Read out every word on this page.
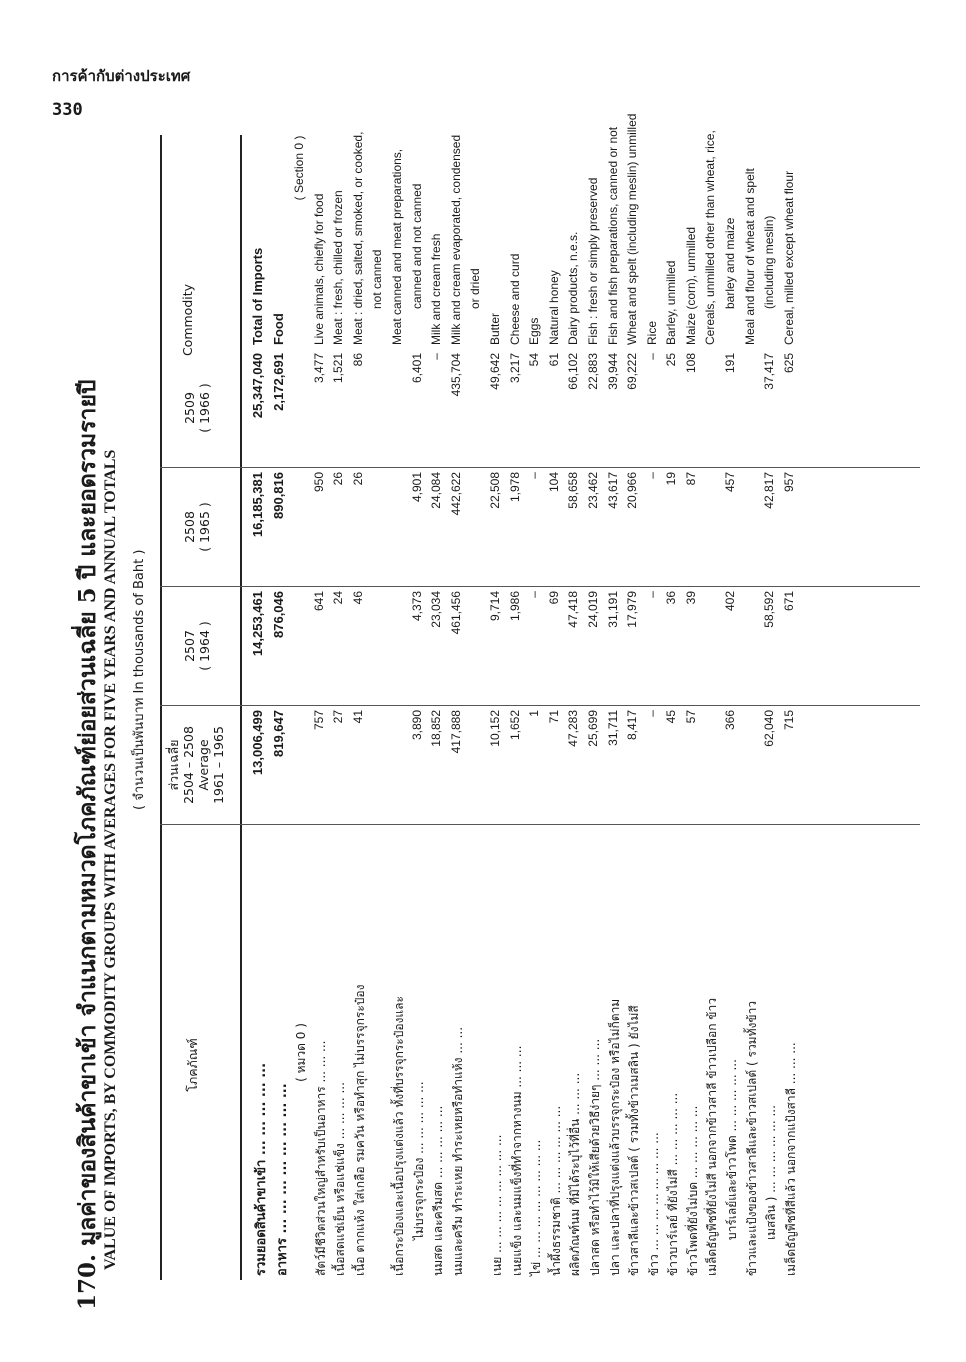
การค้ากับต่างประเทศ
330
170. มูลค่าของสินค้าขาเข้า จำแนกตามหมวดโภคภัณฑ์ย่อยส่วนเฉลี่ย 5 ปี และยอดรวมรายปี VALUE OF IMPORTS, BY COMMODITY GROUPS WITH AVERAGES FOR FIVE YEARS AND ANNUAL TOTALS	( จำนวนเป็นพันบาท In thousands of Baht )
โภคภัณฑ์
ส่วนเฉลี่ย 2504 – 2508 Average 1961 – 1965
2507 ( 1964 )
2508 ( 1965 )
2509 ( 1966 )
Commodity
รวมยอดสินค้าขาเข้า ... ... ... ... ...	13,006,499	14,253,461	16,185,381	25,347,040	Total of Imports
อาหาร ... ... ... ... ... ... ... ...	819,647	876,046	890,816	2,172,691	Food
( หมวด 0 )					( Section 0 )
สัตว์มีชีวิตส่วนใหญ่สำหรับเป็นอาหาร ... ... ...	757	641	950	3,477	Live animals, chiefly for food
เนื้อสดแช่เย็น หรือแช่แข็ง ... ... ... ...	27	24	26	1,521	Meat : fresh, chilled or frozen
เนื้อ ตากแห้ง ใส่เกลือ รมควัน หรือทำสุก ไม่บรรจุกระป๋อง	41	46	26	86	Meat : dried, salted, smoked, or cooked,
					not canned
เนื้อกระป๋องและเนื้อปรุงแต่งแล้ว ทั้งที่บรรจุกระป๋องและ					Meat canned and meat preparations,
ไม่บรรจุกระป๋อง ... ... ... ... ...	3,890	4,373	4,901	6,401	canned and not canned
นมสด และครีมสด ... ... ... ... ...	18,852	23,034	24,084	–	Milk and cream fresh
นมและครีม ทำระเหย ทำระเหยหรือทำแห้ง ... ...	417,888	461,456	442,622	435,704	Milk and cream evaporated, condensed
					or dried
เนย ... ... ... ... ... ... ... ...	10,152	9,714	22,508	49,642	Butter
เนยแข็ง และนมแข็งที่ทำจากหางนม ... ... ...	1,652	1,986	1,978	3,217	Cheese and curd
ไข่ ... ... ... ... ... ... ... ...	1	–	–	54	Eggs
น้ำผึ้งธรรมชาติ ... ... ... ... ... ...	71	69	104	61	Natural honey
ผลิตภัณฑ์นม ที่มิได้ระบุไว้ที่อื่น ... ... ...	47,283	47,418	58,658	66,102	Dairy products, n.e.s.
ปลาสด หรือทำไว้มิให้เสียด้วยวิธีง่ายๆ ... ... ...	25,699	24,019	23,462	22,883	Fish : fresh or simply preserved
ปลา และปลาที่ปรุงแต่งแล้วบรรจุกระป๋อง หรือไม่ก็ตาม	31,711	31,191	43,617	39,944	Fish and fish preparations, canned or not
ข้าวสาลีและข้าวสเปลต์ ( รวมทั้งข้าวเมสลิน ) ยังไม่สี	8,417	17,979	20,966	69,222	Wheat and spelt (including meslin) unmilled
ข้าว ... ... ... ... ... ... ... ...	–	–	–	–	Rice
ข้าวบาร์เลย์ ที่ยังไม่สี ... ... ... ... ...	45	36	19	25	Barley, unmilled
ข้าวโพดที่ยังไม่บด ... ... ... ... ...	57	39	87	108	Maize (corn), unmilled
เมล็ดธัญพืชที่ยังไม่สี นอกจากข้าวสาลี ข้าวเปลือก ข้าว					Cereals, unmilled other than wheat, rice,
บาร์เลย์และข้าวโพด ... ... ... ... ...	366	402	457	191	barley and maize
ข้าวและแป้งของข้าวสาลีและข้าวสเปลต์ ( รวมทั้งข้าว					Meal and flour of wheat and spelt
เมสลิน ) ... ... ... ... ... ...	62,040	58,592	42,817	37,417	(including meslin)
เมล็ดธัญพืชที่สีแล้ว นอกจากแป้งสาลี ... ... ...	715	671	957	625	Cereal, milled except wheat flour
